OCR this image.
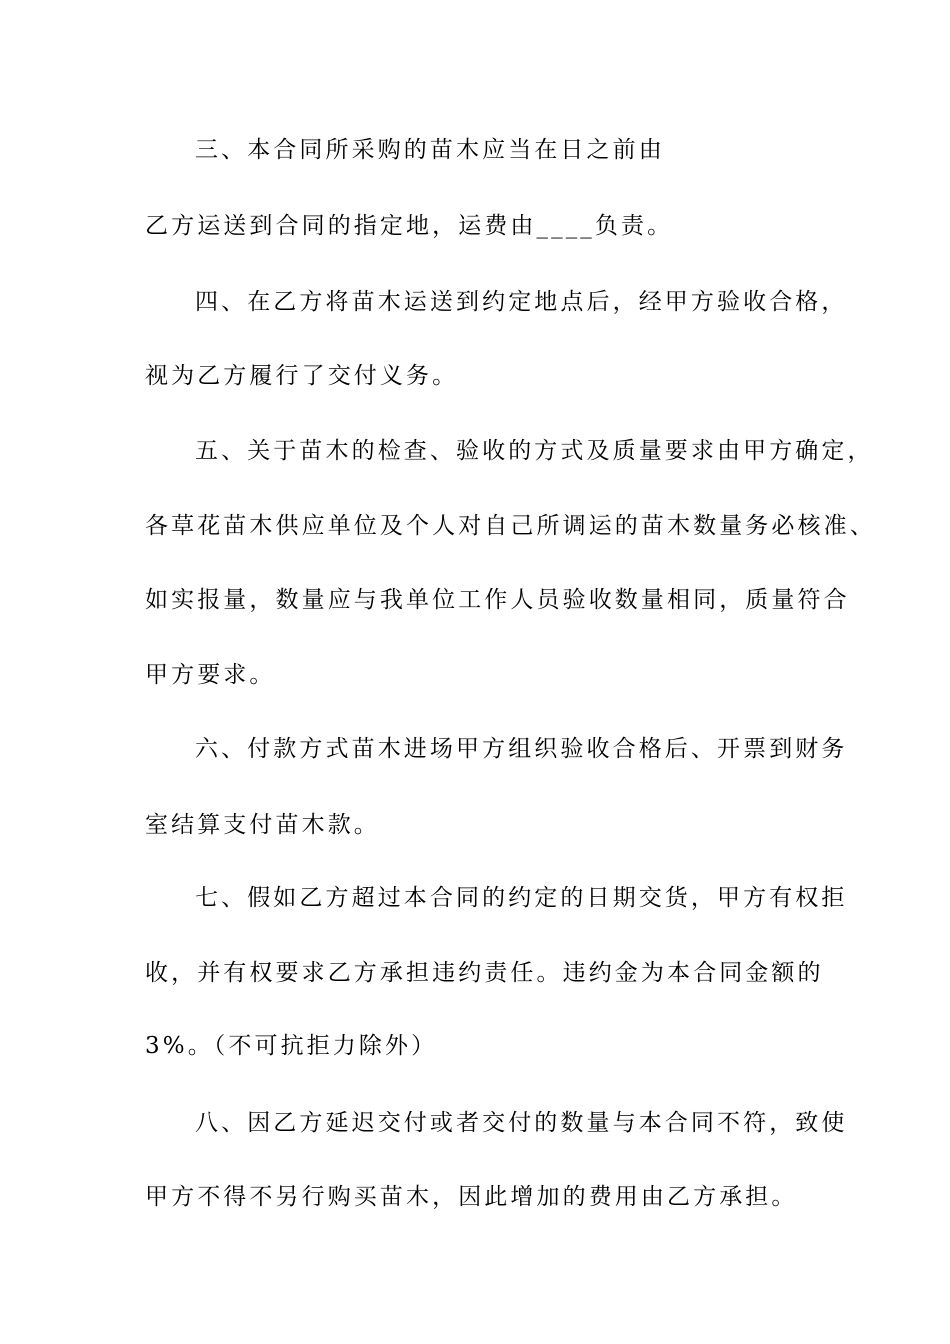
三、本合同所采购的苗木应当在日之前由
乙方运送到合同的指定地，运费由____负责。
四、在乙方将苗木运送到约定地点后，经甲方验收合格，
视为乙方履行了交付义务。
五、关于苗木的检查、验收的方式及质量要求由甲方确定，
各草花苗木供应单位及个人对自己所调运的苗木数量务必核准、
如实报量，数量应与我单位工作人员验收数量相同，质量符合
甲方要求。
六、付款方式苗木进场甲方组织验收合格后、开票到财务
室结算支付苗木款。
七、假如乙方超过本合同的约定的日期交货，甲方有权拒
收，并有权要求乙方承担违约责任。违约金为本合同金额的
3%。（不可抗拒力除外）
八、因乙方延迟交付或者交付的数量与本合同不符，致使
甲方不得不另行购买苗木，因此增加的费用由乙方承担。
